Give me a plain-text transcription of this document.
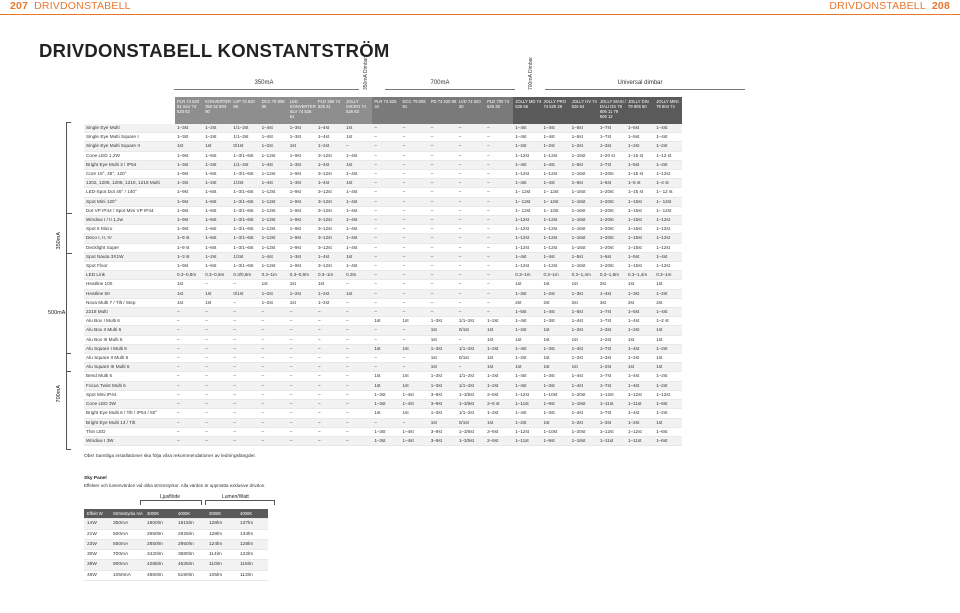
207 DRIVDONSTABELL	DRIVDONSTABELL 208
DRIVDONSTABELL KONSTANTSTRÖM
350mA	350mA Dimbar	700mA	700mA Dimbar	Universal dimbar
350mA
500mA
700mA
	PLR 74 520 81 SLV 74 520 82	KONVERTER 350 52 803 90	LVP 74 520 86	DCC 79 806 90	LED KONVERTER SLV 74 526 61	PLD 350 74 525 21	JOLLY MICRO 74 526 63	PLR 74 525 34	DCC 79 806 91	PD 74 520 99	LVD 74 520 30	PLD 700 74 525 28	JOLLY MD 74 526 66	JOLLY PRO 74 525 28	JOLLY HV 74 526 64	JOLLY MAXI / DALI DS 79 806 11 79 806 12	JOLLY DIN 79 805 50	JOLLY MINI 79 804 74
Single Eye Multi	1–3st	1–2st	1/1–2st	1–4st	1–3st	1–4st	1st	–	–	–	–	–	1–4st	1–4st	1–5st	1–7st	1–5st	1–4st
Single Eye Multi Square I	1–3st	1–2st	1/1–2st	1–4st	1–3st	1–4st	1st	–	–	–	–	–	1–4st	1–4st	1–5st	1–7st	1–5st	1–4st
Single Eye Multi Square II	1st	1st	0/1st	1–2st	1st	1–2st	–	–	–	–	–	–	1–2st	1–2st	1–2st	1–3st	1–2st	1–2st
Cone LED 1,2W	1–9st	1–6st	1–3/1–6st	1–12st	1–9st	3–12st	1–4st	–	–	–	–	–	1–12st	1–12st	1–15st	1–20 st	1–15 st	1–12 st
Bright Eye Multi 3 / IP54	1–3st	1–2st	1/1–2st	1–4st	1–3st	1–4st	1st	–	–	–	–	–	1–4st	1–4st	1–5st	1–7st	1–5st	1–4st
Core 15°, 45°, 120°	1–9st	1–6st	1–3/1–6st	1–12st	1–9st	3–12st	1–4st	–	–	–	–	–	1–12st	1–12st	1–16st	1–20st	1–15 st	1–12st
1202, 1205, 1208, 1210, 1218 Multi	1–3st	1–2st	1/2st	1–4st	1–3st	1–4st	1st	–	–	–	–	–	1–4st	1–4st	1–5st	1–6st	1–5 st	1–4 st
LED-Spot Dot 45° / 140°	1–9st	1–6st	1–3/1–6st	1–12st	1–9st	3–12st	1–4st	–	–	–	–	–	1– 12st	1– 12st	1–16st	1–20st	1–15 st	1– 12 st
Spot Mini 120°	1–9st	1–6st	1–3/1–6st	1–12st	1–9st	3–12st	1–4st	–	–	–	–	–	1– 12st	1– 12st	1–16st	1–20st	1–15st	1– 12st
Dot VP IP44 / Spot Mini VP IP44	1–9st	1–6st	1–3/1–6st	1–12st	1–9st	3–12st	1–4st	–	–	–	–	–	1– 12st	1– 12st	1–16st	1–20st	1–15st	1– 12st
Window I / II 1,2w	1–9st	1–6st	1–3/1–6st	1–12st	1–9st	3–12st	1–4st	–	–	–	–	–	1–12st	1–12st	1–16st	1–20st	1–15st	1–12st
Spot It Micro	1–9st	1–6st	1–3/1–6st	1–12st	1–9st	3–12st	1–4st	–	–	–	–	–	1–12st	1–12st	1–16st	1–20st	1–15st	1–12st
Deco I, II, IV	1–9 st	1–6st	1–3/1–6st	1–12st	1–9st	3–12st	1–4st	–	–	–	–	–	1–12st	1–12st	1–16st	1–20st	1–15st	1–12st
Decklight Super	1–9 st	1–6st	1–3/1–6st	1–12st	1–9st	3–12st	1–4st	–	–	–	–	–	1–12st	1–12st	1–16st	1–20st	1–15st	1–12st
Spot Nauta 3X1W	1–3 st	1–2st	1/2st	1–4st	1–3st	1–4st	1st	–	–	–	–	–	1–4st	1–4st	1–5st	1–6st	1–5st	1–4st
Spot Floor	1–9st	1–6st	1–3/1–6st	1–12st	1–9st	3–12st	1–4st	–	–	–	–	–	1–12st	1–12st	1–16st	1–20st	1–15st	1–12st
LED Link	0.3–0,8m	0.3–0,5m	0.3/0,6m	0.3–1m	0.3–0,8m	0.3–1m	0.3m	–	–	–	–	–	0.3–1m	0.3–1m	0.3–1,4m	0.3–1,8m	0.3–1,4m	0.3–1m
Heatline 100	1st	–	–	1st	1st	1st	–	–	–	–	–	–	1st	1st	1st	2st	1st	1st
Heatline 50	1st	1st	0/1st	1–2st	1–2st	1–2st	1st	–	–	–	–	–	1–3st	1–2st	1–3st	1–4st	1–3st	1–2st
Nova Multi 7 / Tilt / Step	1st	1st	–	1–2st	1st	1–2st	–	–	–	–	–	–	2st	2st	2st	3st	2st	2st
2218 Multi	–	–	–	–	–	–	–	–	–	–	–	–	1–5st	1–4st	1–5st	1–7st	1–5st	1–4st
Alu Box I Multi 6	–	–	–	–	–	–	–	1st	1st	1–3st	1/1–2st	1–2st	1–4st	1–3st	1–4st	1–7st	1–4st	1–2 st
Alu Box II Multi 6	–	–	–	–	–	–	–	–	–	1st	0/1st	1st	1–2st	1st	1–2st	1–3st	1–2st	1st
Alu Box III Multi 6	–	–	–	–	–	–	–	–	–	1st	–	1st	1st	1st	1st	1–2st	1st	1st
Alu Square I Multi 6	–	–	–	–	–	–	–	1st	1st	1–3st	1/1–2st	1–2st	1–4st	1–3st	1–4st	1–7st	1–4st	1–2st
Alu Square II Multi 6	–	–	–	–	–	–	–	–	–	1st	0/1st	1st	1–2st	1st	1–2st	1–3st	1–2st	1st
Alu Square III Multi 6	–	–	–	–	–	–	–	–	–	1st	–	1st	1st	1st	1st	1–2st	1st	1st
Bend Multi 6	–	–	–	–	–	–	–	1st	1st	1–3st	1/1–2st	1–2st	1–4st	1–3st	1–4st	1–7st	1–4st	1–2st
Focus Twist Multi 6	–	–	–	–	–	–	–	1st	1st	1–3st	1/1–2st	1–2st	1–4st	1–3st	1–4st	1–7st	1–4st	1–2st
Spot Mini IP44	–	–	–	–	–	–	–	1–3st	1–4st	3–9st	1–3/5st	2–6st	1–12st	1–10st	1–20st	1–12st	1–12st	1–12st
Cone LED 3W	–	–	–	–	–	–	–	1–3st	1–4st	3–9st	1–3/6st	2–6 st	1–11st	1–9st	1–18st	1–11st	1–11st	1–6st
Bright Eye Multi 6 / Tilt / IP54 / 60°	–	–	–	–	–	–	–	1st	1st	1–3st	1/1–2st	1–2st	1–4st	1–3st	1–4st	1–7st	1–4st	1–2st
Bright Eye Multi 13 / Tilt	–	–	–	–	–	–	–	–	–	1st	0/1st	1st	1–2st	1st	1–2st	1–3st	1–2st	1st
Thin LED	–	–	–	–	–	–	–	1–3st	1–4st	3–9st	1–3/5st	2–6st	1–12st	1–10st	1–20st	1–12st	1–12st	1–6st
Window I 3W	–	–	–	–	–	–	–	1–3st	1–4st	3–9st	1–3/5st	2–6st	1–11st	1–9st	1–18st	1–11st	1–11st	1–6st
Obs! Samtliga installationer ska följa våra rekommendationer av ledningslängder.
Sky Panel
Effekter och lumenvärden vid olika strömstyrkor. Alla värden är uppmätta exklusive drivdon.
Ljusflöde	Lumen/Watt
Effekt W	Strömstyrka mA	3000K	4000K	3000K	4000K
14W	350mA	1800lm	1915lm	128lm	137lm
21W	500mA	2650lm	2825lm	128lm	134lm
23W	550mA	2850lm	2950lm	124lm	128lm
30W	700mA	3420lm	3680lm	114lm	122lm
39W	900mA	4285lm	4535lm	110lm	116lm
46W	1050mA	4860lm	5190lm	105lm	113lm
